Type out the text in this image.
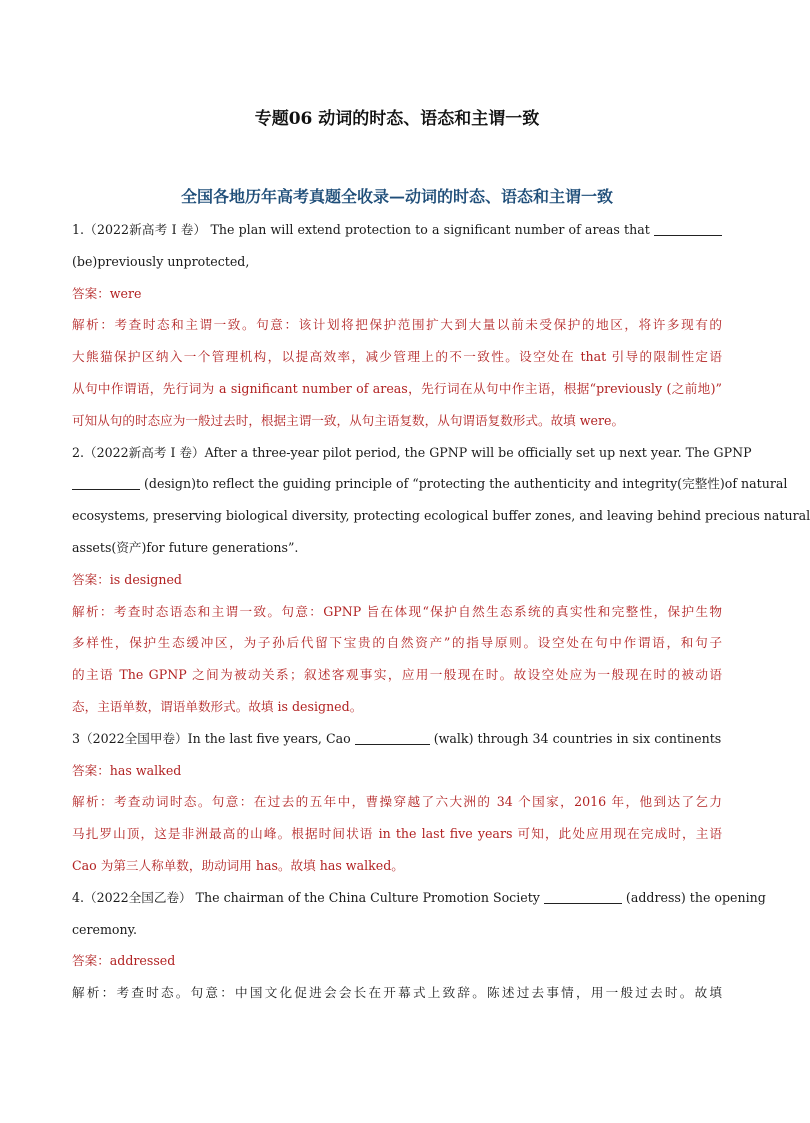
专题06 动词的时态、语态和主谓一致
全国各地历年高考真题全收录—动词的时态、语态和主谓一致
1.（2022新高考 I 卷） The plan will extend protection to a significant number of areas that
(be)previously unprotected,
答案：were
解析：考查时态和主谓一致。句意：该计划将把保护范围扩大到大量以前未受保护的地区，将许多现有的
大熊猫保护区纳入一个管理机构，以提高效率，减少管理上的不一致性。设空处在 that 引导的限制性定语
从句中作谓语，先行词为 a significant number of areas，先行词在从句中作主语，根据“previously (之前地)”
可知从句的时态应为一般过去时，根据主谓一致，从句主语复数，从句谓语复数形式。故填 were。
2.（2022新高考 I 卷）After a three-year pilot period, the GPNP will be officially set up next year. The GPNP
(design)to reflect the guiding principle of “protecting the authenticity and integrity(完整性)of natural
ecosystems, preserving biological diversity, protecting ecological buffer zones, and leaving behind precious natural
assets(资产)for future generations”.
答案：is designed
解析：考查时态语态和主谓一致。句意：GPNP 旨在体现“保护自然生态系统的真实性和完整性，保护生物
多样性，保护生态缓冲区，为子孙后代留下宝贵的自然资产”的指导原则。设空处在句中作谓语，和句子
的主语 The GPNP 之间为被动关系；叙述客观事实，应用一般现在时。故设空处应为一般现在时的被动语
态，主语单数，谓语单数形式。故填 is designed。
3（2022全国甲卷）In the last five years, Cao	(walk) through 34 countries in six continents
答案：has walked
解析：考查动词时态。句意：在过去的五年中，曹操穿越了六大洲的 34 个国家，2016 年，他到达了乞力
马扎罗山顶，这是非洲最高的山峰。根据时间状语 in the last five years 可知，此处应用现在完成时，主语
Cao 为第三人称单数，助动词用 has。故填 has walked。
4.（2022全国乙卷） The chairman of the China Culture Promotion Society	(address) the opening
ceremony.
答案：addressed
解析：考查时态。句意：中国文化促进会会长在开幕式上致辞。陈述过去事情，用一般过去时。故填
